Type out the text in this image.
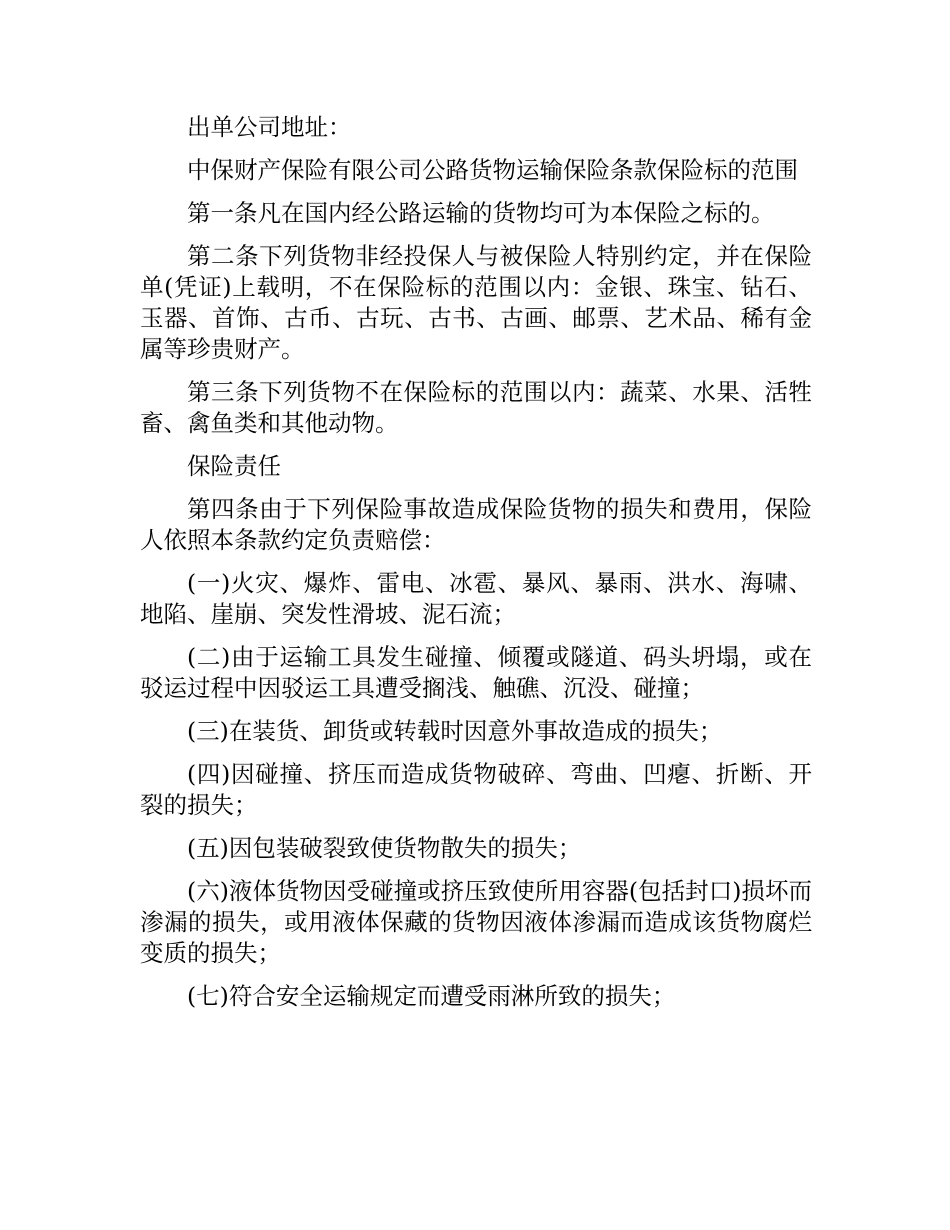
出单公司地址：

中保财产保险有限公司公路货物运输保险条款保险标的范围

第一条凡在国内经公路运输的货物均可为本保险之标的。

第二条下列货物非经投保人与被保险人特别约定，并在保险单(凭证)上载明，不在保险标的范围以内：金银、珠宝、钻石、玉器、首饰、古币、古玩、古书、古画、邮票、艺术品、稀有金属等珍贵财产。

第三条下列货物不在保险标的范围以内：蔬菜、水果、活牲畜、禽鱼类和其他动物。

保险责任

第四条由于下列保险事故造成保险货物的损失和费用，保险人依照本条款约定负责赔偿：

(一)火灾、爆炸、雷电、冰雹、暴风、暴雨、洪水、海啸、地陷、崖崩、突发性滑坡、泥石流；

(二)由于运输工具发生碰撞、倾覆或隧道、码头坍塌，或在驳运过程中因驳运工具遭受搁浅、触礁、沉没、碰撞；

(三)在装货、卸货或转载时因意外事故造成的损失；

(四)因碰撞、挤压而造成货物破碎、弯曲、凹瘪、折断、开裂的损失；

(五)因包装破裂致使货物散失的损失；

(六)液体货物因受碰撞或挤压致使所用容器(包括封口)损坏而渗漏的损失，或用液体保藏的货物因液体渗漏而造成该货物腐烂变质的损失；

(七)符合安全运输规定而遭受雨淋所致的损失；
